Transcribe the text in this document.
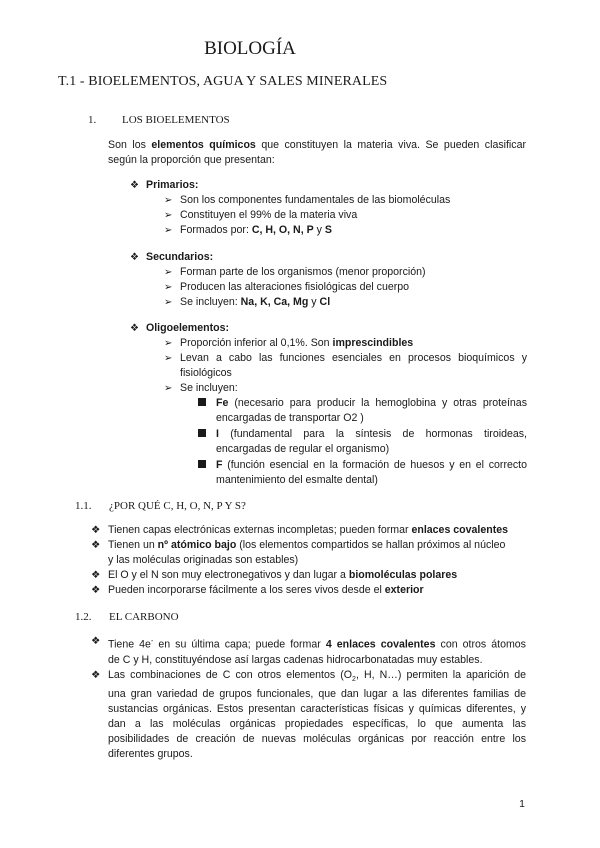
BIOLOGÍA
T.1 - BIOELEMENTOS, AGUA Y SALES MINERALES
1. LOS BIOELEMENTOS

Son los elementos químicos que constituyen la materia viva. Se pueden clasificar

según la proporción que presentan:

❖ Primarios:

➢ Son los componentes fundamentales de las biomoléculas

➢ Constituyen el 99% de la materia viva

➢ Formados por: C, H, O, N, P y S

❖ Secundarios:

➢ Forman parte de los organismos (menor proporción)

➢ Producen las alteraciones fisiológicas del cuerpo

➢ Se incluyen: Na, K, Ca, Mg y Cl

❖ Oligoelementos:

➢ Proporción inferior al 0,1%. Son imprescindibles

➢ Levan a cabo las funciones esenciales en procesos bioquímicos y

fisiológicos

➢ Se incluyen:

Fe (necesario para producir la hemoglobina y otras proteínas

encargadas de transportar O2 )

I (fundamental para la síntesis de hormonas tiroideas,

encargadas de regular el organismo)

F (función esencial en la formación de huesos y en el correcto

mantenimiento del esmalte dental)

1.1. ¿POR QUÉ C, H, O, N, P Y S?

❖ Tienen capas electrónicas externas incompletas; pueden formar enlaces covalentes

❖ Tienen un nº atómico bajo (los elementos compartidos se hallan próximos al núcleo

y las moléculas originadas son estables)

❖ El O y el N son muy electronegativos y dan lugar a biomoléculas polares

❖ Pueden incorporarse fácilmente a los seres vivos desde el exterior

1.2. EL CARBONO

❖ Tiene 4e- en su última capa; puede formar 4 enlaces covalentes con otros átomos

de C y H, constituyéndose así largas cadenas hidrocarbonatadas muy estables.

❖ Las combinaciones de C con otros elementos ($O_2$, H, N…) permiten la aparición de

una gran variedad de grupos funcionales, que dan lugar a las diferentes familias de

sustancias orgánicas. Estos presentan características físicas y químicas diferentes, y

dan a las moléculas orgánicas propiedades específicas, lo que aumenta las

posibilidades de creación de nuevas moléculas orgánicas por reacción entre los

diferentes grupos.

1
